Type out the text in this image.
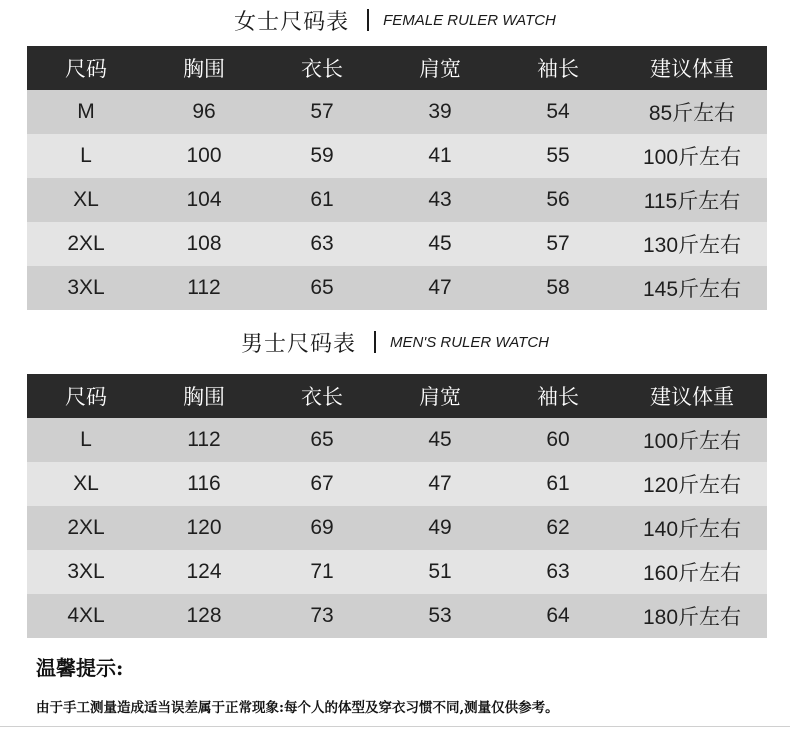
女士尺码表 FEMALE RULER WATCH
尺码	胸围	衣长	肩宽	袖长	建议体重
M	96	57	39	54	85斤左右
L	100	59	41	55	100斤左右
XL	104	61	43	56	115斤左右
2XL	108	63	45	57	130斤左右
3XL	112	65	47	58	145斤左右
男士尺码表 MEN'S RULER WATCH
尺码	胸围	衣长	肩宽	袖长	建议体重
L	112	65	45	60	100斤左右
XL	116	67	47	61	120斤左右
2XL	120	69	49	62	140斤左右
3XL	124	71	51	63	160斤左右
4XL	128	73	53	64	180斤左右
温馨提示:
由于手工测量造成适当误差属于正常现象:每个人的体型及穿衣习惯不同,测量仅供参考。
